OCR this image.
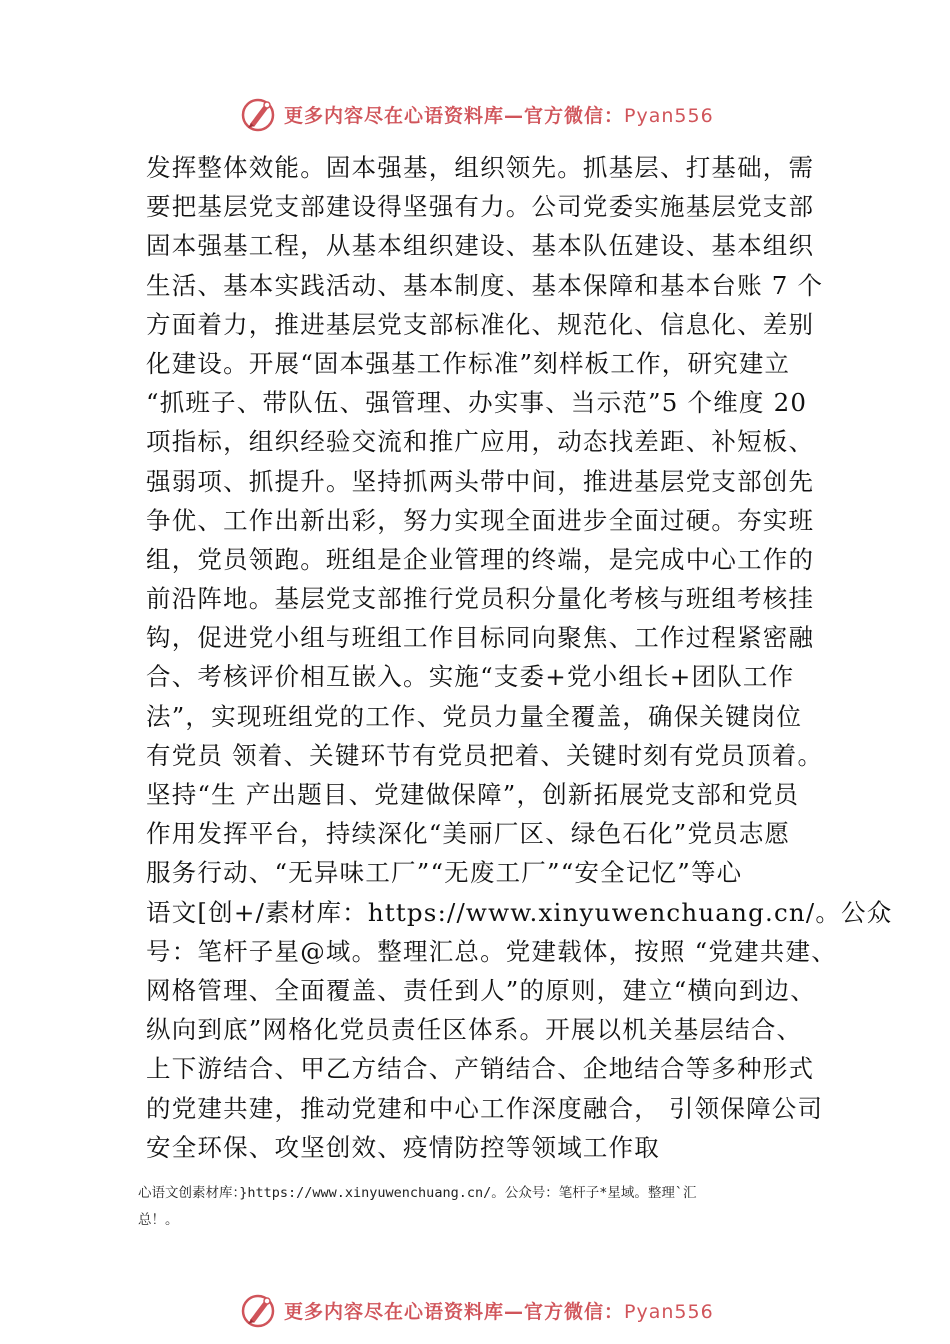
更多内容尽在心语资料库—官方微信：Pyan556
发挥整体效能。固本强基，组织领先。抓基层、打基础，需
要把基层党支部建设得坚强有力。公司党委实施基层党支部
固本强基工程，从基本组织建设、基本队伍建设、基本组织
生活、基本实践活动、基本制度、基本保障和基本台账 7 个
方面着力，推进基层党支部标准化、规范化、信息化、差别
化建设。开展“固本强基工作标准”刻样板工作，研究建立
“抓班子、带队伍、强管理、办实事、当示范”5 个维度 20
项指标，组织经验交流和推广应用，动态找差距、补短板、
强弱项、抓提升。坚持抓两头带中间，推进基层党支部创先
争优、工作出新出彩，努力实现全面进步全面过硬。夯实班
组，党员领跑。班组是企业管理的终端，是完成中心工作的
前沿阵地。基层党支部推行党员积分量化考核与班组考核挂
钩，促进党小组与班组工作目标同向聚焦、工作过程紧密融
合、考核评价相互嵌入。实施“支委+党小组长+团队工作
法”，实现班组党的工作、党员力量全覆盖，确保关键岗位
有党员 领着、关键环节有党员把着、关键时刻有党员顶着。
坚持“生 产出题目、党建做保障”，创新拓展党支部和党员
作用发挥平台，持续深化“美丽厂区、绿色石化”党员志愿
服务行动、“无异味工厂”“无废工厂”“安全记忆”等心
语文[创+/素材库：https://www.xinyuwenchuang.cn/。公众
号：笔杆子星@域。整理汇总。党建载体，按照 “党建共建、
网格管理、全面覆盖、责任到人”的原则，建立“横向到边、
纵向到底”网格化党员责任区体系。开展以机关基层结合、
上下游结合、甲乙方结合、产销结合、企地结合等多种形式
的党建共建，推动党建和中心工作深度融合， 引领保障公司
安全环保、攻坚创效、疫情防控等领域工作取
心语文创素材库：}https://www.xinyuwenchuang.cn/。公众号：笔杆子*星域。整理`汇
总！。
更多内容尽在心语资料库—官方微信：Pyan556
